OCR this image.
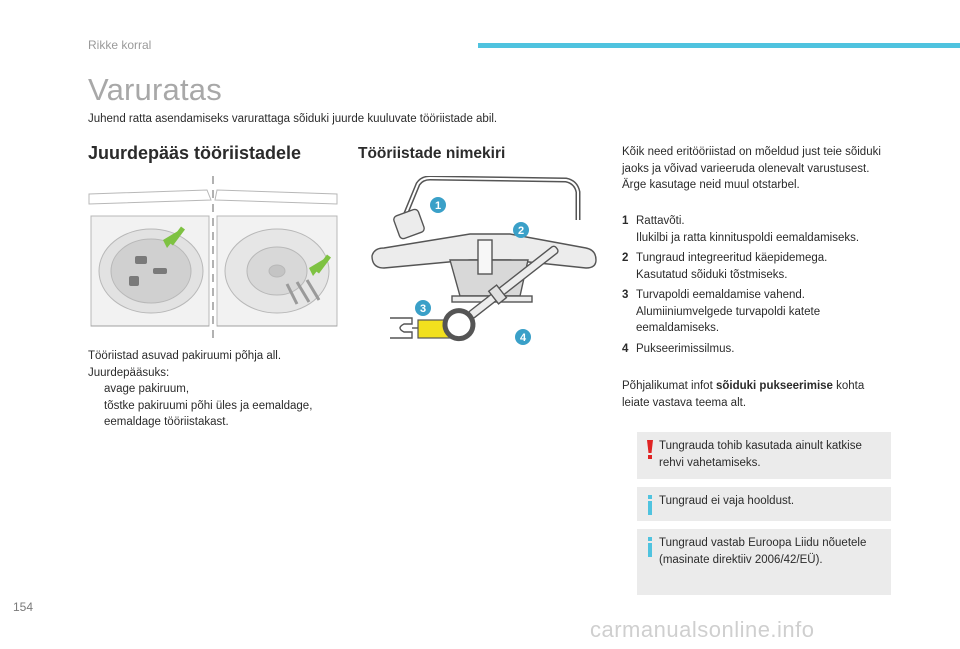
Rikke korral
Varuratas
Juhend ratta asendamiseks varurattaga sõiduki juurde kuuluvate tööriistade abil.
Juurdepääs tööriistadele	Tööriistade nimekiri
1
2
3
4
Tööriistad asuvad pakiruumi põhja all.
Juurdepääsuks:
avage pakiruum,
tõstke pakiruumi põhi üles ja eemaldage,
eemaldage tööriistakast.
Kõik need eritööriistad on mõeldud just teie sõiduki jaoks ja võivad varieeruda olenevalt varustusest. Ärge kasutage neid muul otstarbel.
1 Rattavõti.
Ilukilbi ja ratta kinnituspoldi eemaldamiseks.
2 Tungraud integreeritud käepidemega.
Kasutatud sõiduki tõstmiseks.
3 Turvapoldi eemaldamise vahend.
Alumiiniumvelgede turvapoldi katete eemaldamiseks.
4 Pukseerimissilmus.
Põhjalikumat infot sõiduki pukseerimise kohta leiate vastava teema alt.
Tungrauda tohib kasutada ainult katkise rehvi vahetamiseks.
Tungraud ei vaja hooldust.
Tungraud vastab Euroopa Liidu nõuetele (masinate direktiiv 2006/42/EÜ).
154
carmanualsonline.info
